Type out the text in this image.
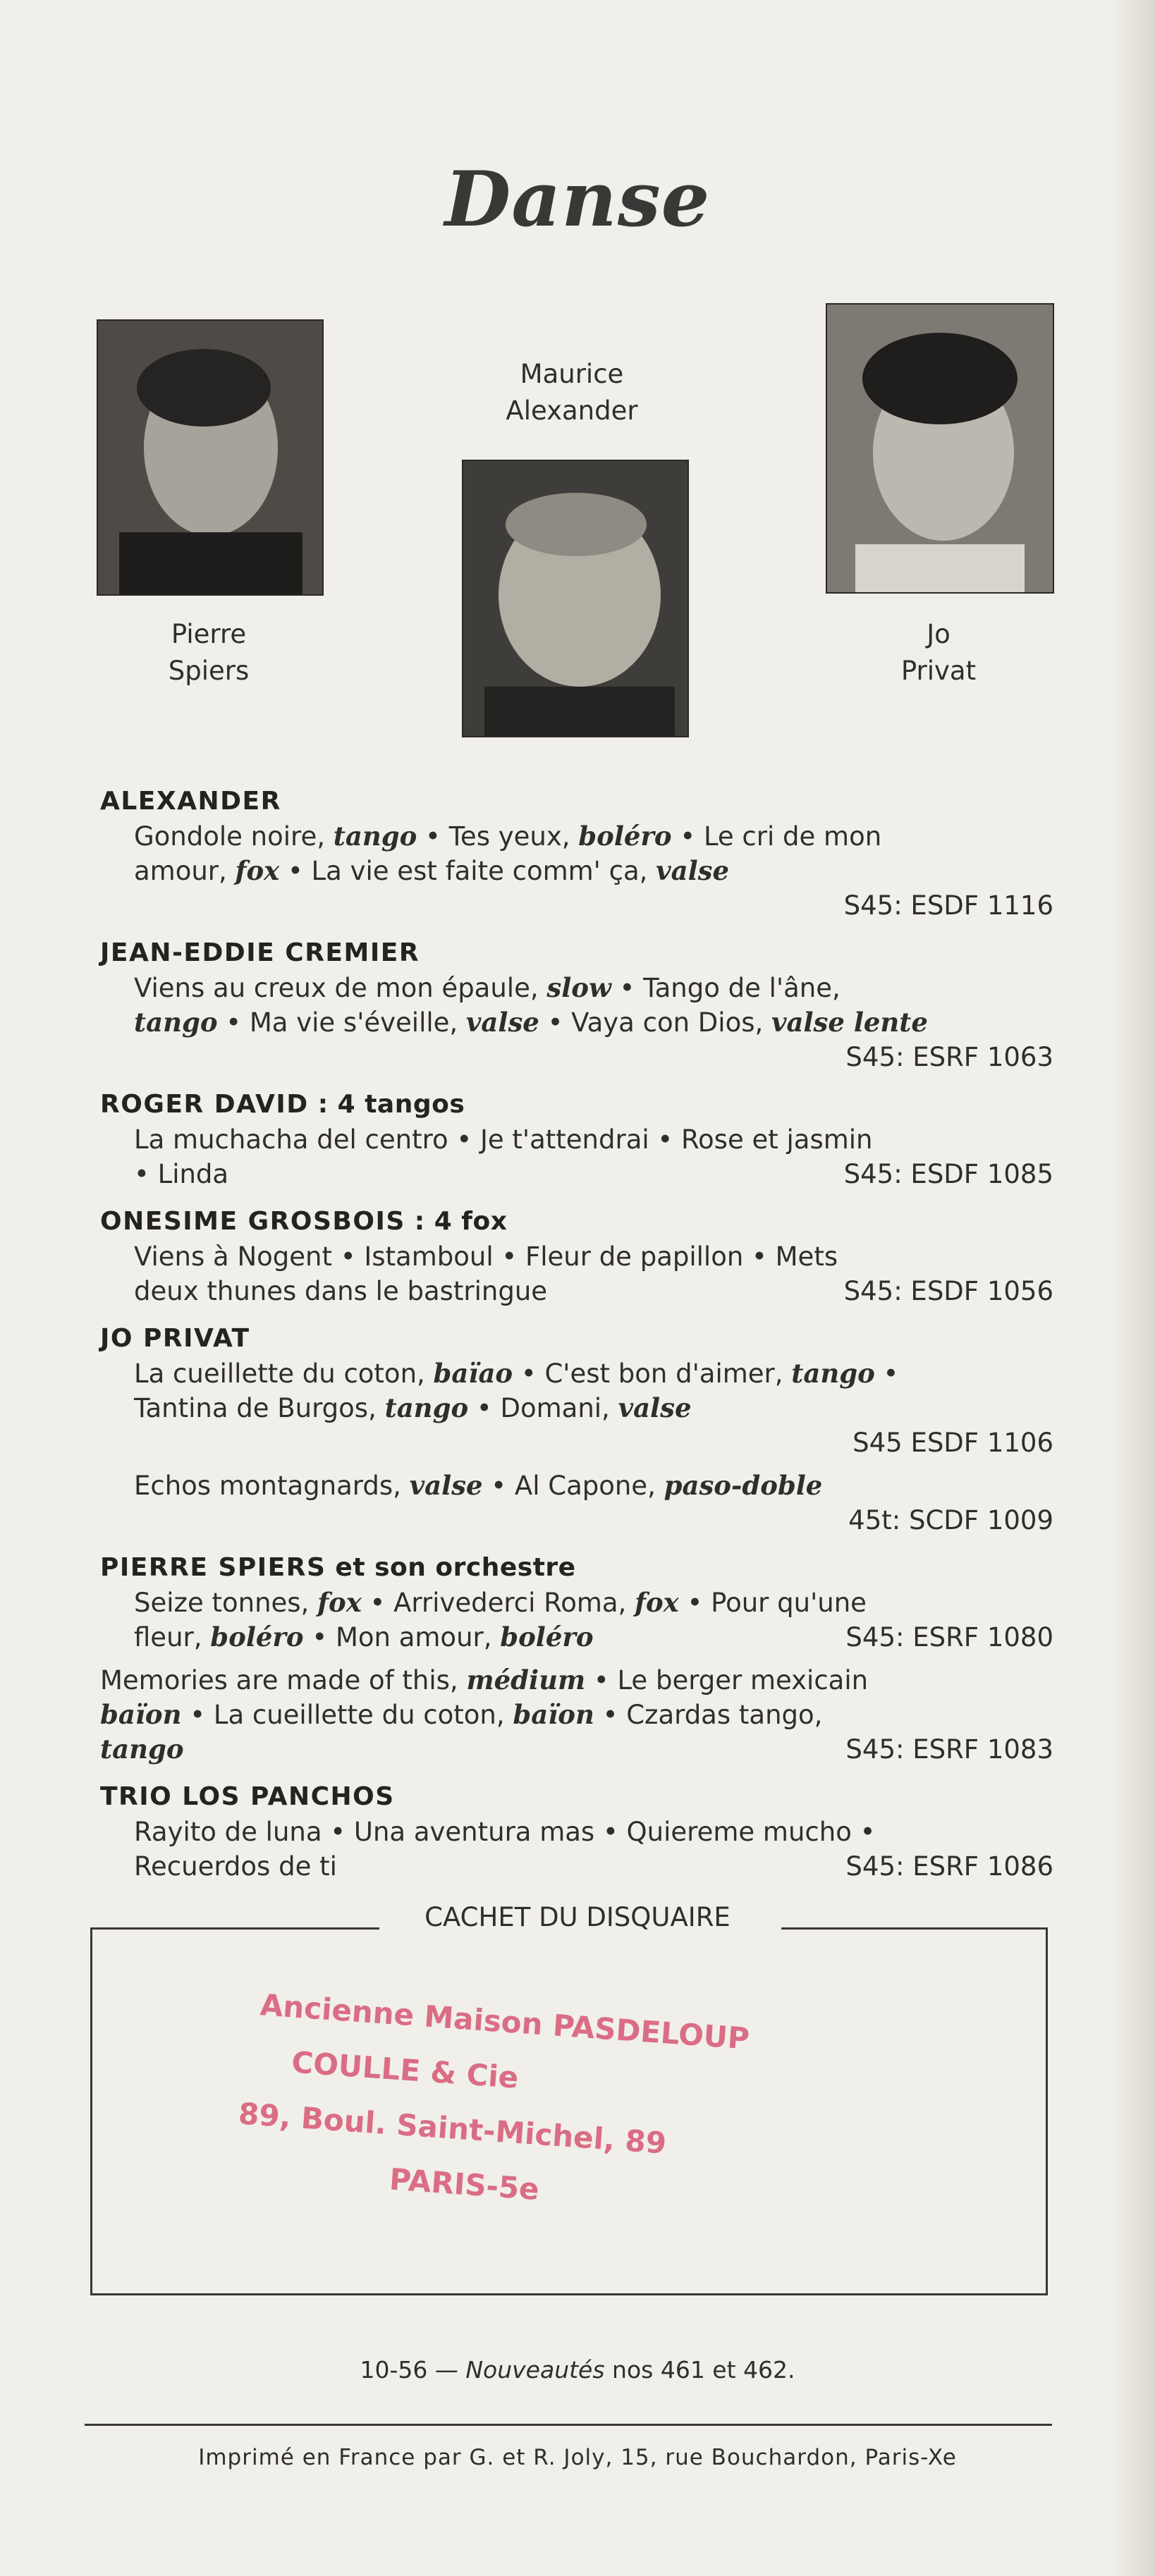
Danse
Pierre
Spiers
Maurice
Alexander
Jo
Privat
ALEXANDER
Gondole noire, tango • Tes yeux, boléro • Le cri de mon
amour, fox • La vie est faite comm' ça, valse
S45: ESDF 1116
JEAN-EDDIE CREMIER
Viens au creux de mon épaule, slow • Tango de l'âne,
tango • Ma vie s'éveille, valse • Vaya con Dios, valse lente
S45: ESRF 1063
ROGER DAVID : 4 tangos
La muchacha del centro • Je t'attendrai • Rose et jasmin
• Linda	S45: ESDF 1085
ONESIME GROSBOIS : 4 fox
Viens à Nogent • Istamboul • Fleur de papillon • Mets
deux thunes dans le bastringue	S45: ESDF 1056
JO PRIVAT
La cueillette du coton, baïao • C'est bon d'aimer, tango •
Tantina de Burgos, tango • Domani, valse
S45 ESDF 1106
Echos montagnards, valse • Al Capone, paso-doble
45t: SCDF 1009
PIERRE SPIERS et son orchestre
Seize tonnes, fox • Arrivederci Roma, fox • Pour qu'une
fleur, boléro • Mon amour, boléro	S45: ESRF 1080
Memories are made of this, médium • Le berger mexicain
baïon • La cueillette du coton, baïon • Czardas tango,
tango	S45: ESRF 1083
TRIO LOS PANCHOS
Rayito de luna • Una aventura mas • Quiereme mucho •
Recuerdos de ti	S45: ESRF 1086
CACHET DU DISQUAIRE
Ancienne Maison PASDELOUP
COULLE & Cie
89, Boul. Saint-Michel, 89
PARIS-5e
10-56 — Nouveautés nos 461 et 462.
Imprimé en France par G. et R. Joly, 15, rue Bouchardon, Paris-Xe
